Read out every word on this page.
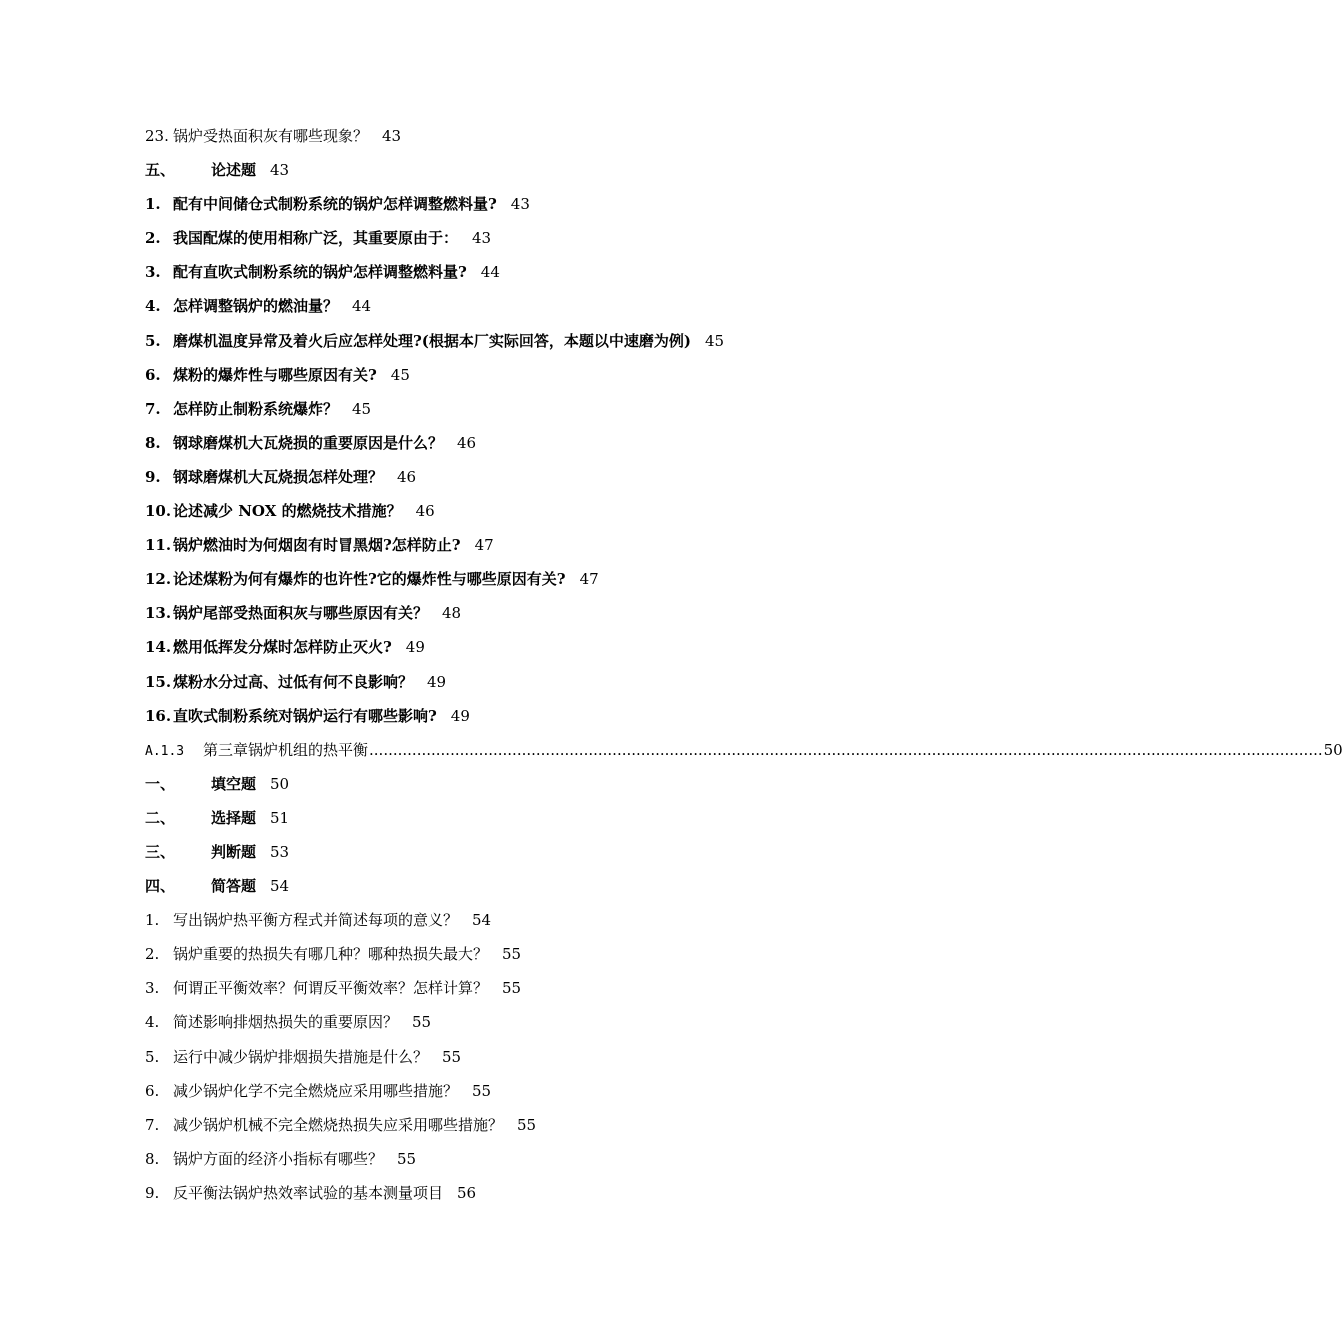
23. 锅炉受热面积灰有哪些现象？ 43
五、	论述题 43
1. 配有中间储仓式制粉系统的锅炉怎样调整燃料量? 43
2. 我国配煤的使用相称广泛，其重要原由于： 43
3. 配有直吹式制粉系统的锅炉怎样调整燃料量? 44
4. 怎样调整锅炉的燃油量？ 44
5. 磨煤机温度异常及着火后应怎样处理?(根据本厂实际回答，本题以中速磨为例) 45
6. 煤粉的爆炸性与哪些原因有关? 45
7. 怎样防止制粉系统爆炸？ 45
8. 钢球磨煤机大瓦烧损的重要原因是什么？ 46
9. 钢球磨煤机大瓦烧损怎样处理？ 46
10. 论述减少 NOX 的燃烧技术措施？ 46
11. 锅炉燃油时为何烟囱有时冒黑烟?怎样防止? 47
12. 论述煤粉为何有爆炸的也许性?它的爆炸性与哪些原因有关? 47
13. 锅炉尾部受热面积灰与哪些原因有关？ 48
14. 燃用低挥发分煤时怎样防止灭火? 49
15. 煤粉水分过高、过低有何不良影响？ 49
16. 直吹式制粉系统对锅炉运行有哪些影响? 49
A.1.3	第三章锅炉机组的热平衡 ........................................................................................................................................................................................................ 50
一、	填空题 50
二、	选择题 51
三、	判断题 53
四、	简答题 54
1. 写出锅炉热平衡方程式并简述每项的意义？ 54
2. 锅炉重要的热损失有哪几种？哪种热损失最大？ 55
3. 何谓正平衡效率？何谓反平衡效率？怎样计算？ 55
4. 简述影响排烟热损失的重要原因？ 55
5. 运行中减少锅炉排烟损失措施是什么？ 55
6. 减少锅炉化学不完全燃烧应采用哪些措施？ 55
7. 减少锅炉机械不完全燃烧热损失应采用哪些措施？ 55
8. 锅炉方面的经济小指标有哪些？ 55
9. 反平衡法锅炉热效率试验的基本测量项目 56
